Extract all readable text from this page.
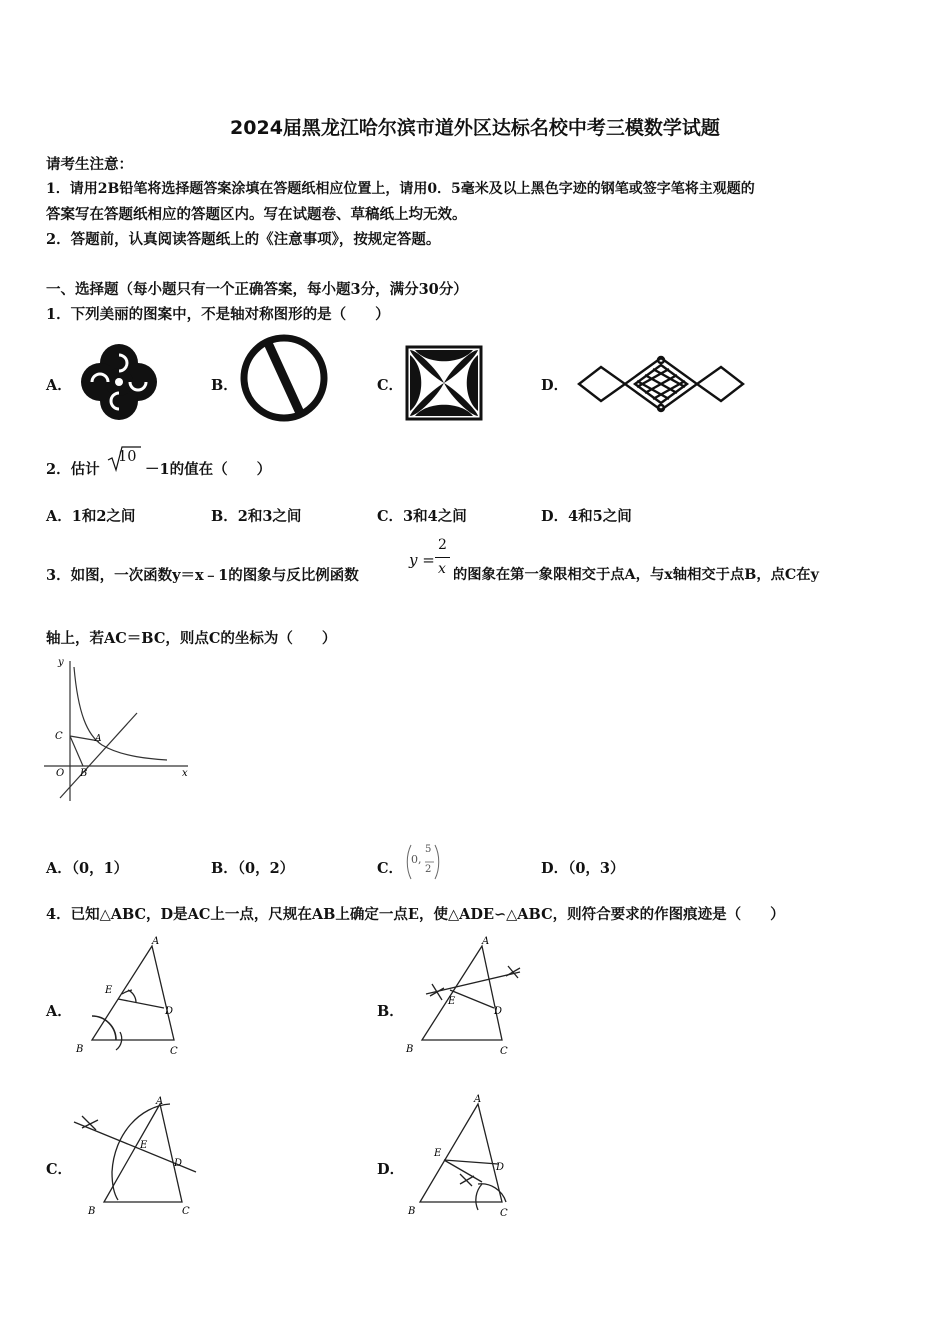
2024届黑龙江哈尔滨市道外区达标名校中考三模数学试题
请考生注意：
1．请用2B铅笔将选择题答案涂填在答题纸相应位置上，请用0．5毫米及以上黑色字迹的钢笔或签字笔将主观题的
答案写在答题纸相应的答题区内。写在试题卷、草稿纸上均无效。
2．答题前，认真阅读答题纸上的《注意事项》，按规定答题。
一、选择题（每小题只有一个正确答案，每小题3分，满分30分）
1．下列美丽的图案中，不是轴对称图形的是（　　）
A．	B．	C．	D．
2．估计
10
－1的值在（　　）
A．1和2之间	B．2和3之间	C．3和4之间	D．4和5之间
3．如图，一次函数y＝x﹣1的图象与反比例函数
y =
2
x 的图象在第一象限相交于点A，与x轴相交于点B，点C在y
轴上，若AC＝BC，则点C的坐标为（　　）
y
x
O B
C	A
A．（0，1）	B．（0，2）	C．
0,
5
2	D．（0，3）
4．已知△ABC，D是AC上一点，尺规在AB上确定一点E，使△ADE∽△ABC，则符合要求的作图痕迹是（　　）
A．
A
E
D
B	C
B．
A
E
D
B	C
C．
A
E
D
B	C
D．
A
E
D
B	C
